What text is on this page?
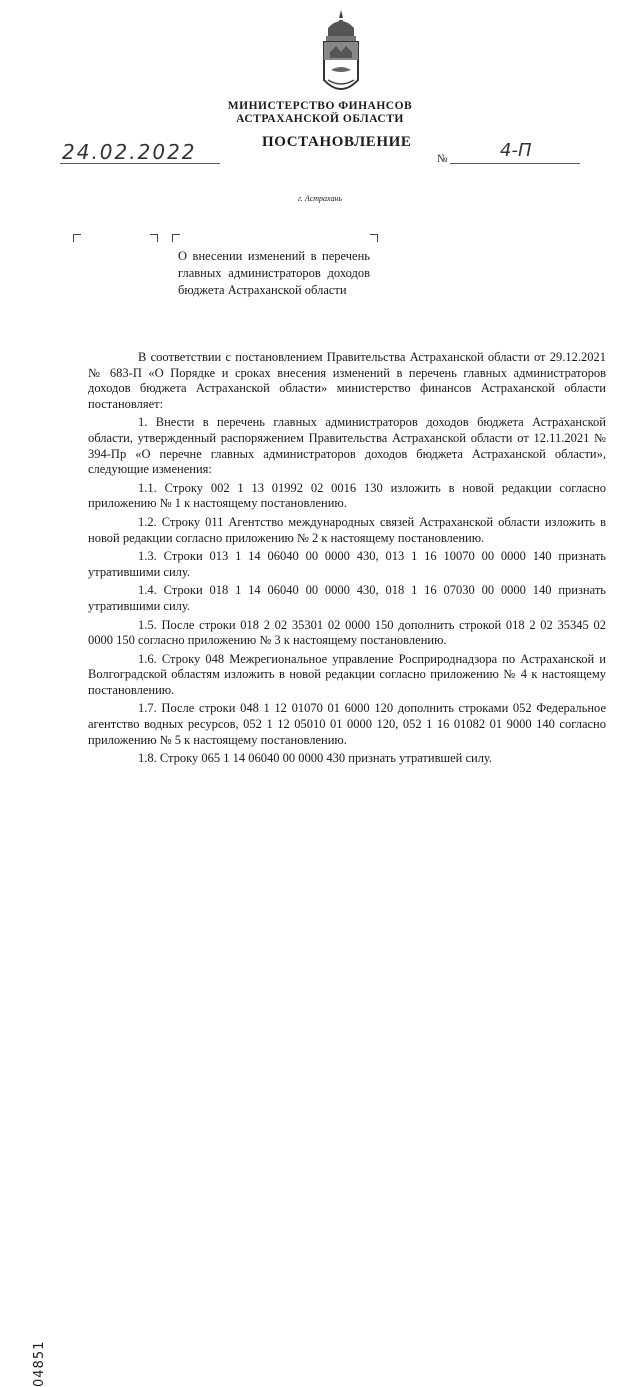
МИНИСТЕРСТВО ФИНАНСОВ
АСТРАХАНСКОЙ ОБЛАСТИ
24.02.2022	ПОСТАНОВЛЕНИЕ
№	4-П
г. Астрахань
О внесении изменений в перечень главных администраторов доходов бюджета Астраханской области

В соответствии с постановлением Правительства Астраханской области от 29.12.2021 № 683-П «О Порядке и сроках внесения изменений в перечень главных администраторов доходов бюджета Астраханской области» министерство финансов Астраханской области постановляет:

1. Внести в перечень главных администраторов доходов бюджета Астраханской области, утвержденный распоряжением Правительства Астраханской области от 12.11.2021 № 394-Пр «О перечне главных администраторов доходов бюджета Астраханской области», следующие изменения:

1.1. Строку 002 1 13 01992 02 0016 130 изложить в новой редакции согласно приложению № 1 к настоящему постановлению.

1.2. Строку 011 Агентство международных связей Астраханской области изложить в новой редакции согласно приложению № 2 к настоящему постановлению.

1.3. Строки 013 1 14 06040 00 0000 430, 013 1 16 10070 00 0000 140 признать утратившими силу.

1.4. Строки 018 1 14 06040 00 0000 430, 018 1 16 07030 00 0000 140 признать утратившими силу.

1.5. После строки 018 2 02 35301 02 0000 150 дополнить строкой 018 2 02 35345 02 0000 150 согласно приложению № 3 к настоящему постановлению.

1.6. Строку 048 Межрегиональное управление Росприроднадзора по Астраханской и Волгоградской областям изложить в новой редакции согласно приложению № 4 к настоящему постановлению.

1.7. После строки 048 1 12 01070 01 6000 120 дополнить строками 052 Федеральное агентство водных ресурсов, 052 1 12 05010 01 0000 120, 052 1 16 01082 01 9000 140 согласно приложению № 5 к настоящему постановлению.

1.8. Строку 065 1 14 06040 00 0000 430 признать утратившей силу.

04851
